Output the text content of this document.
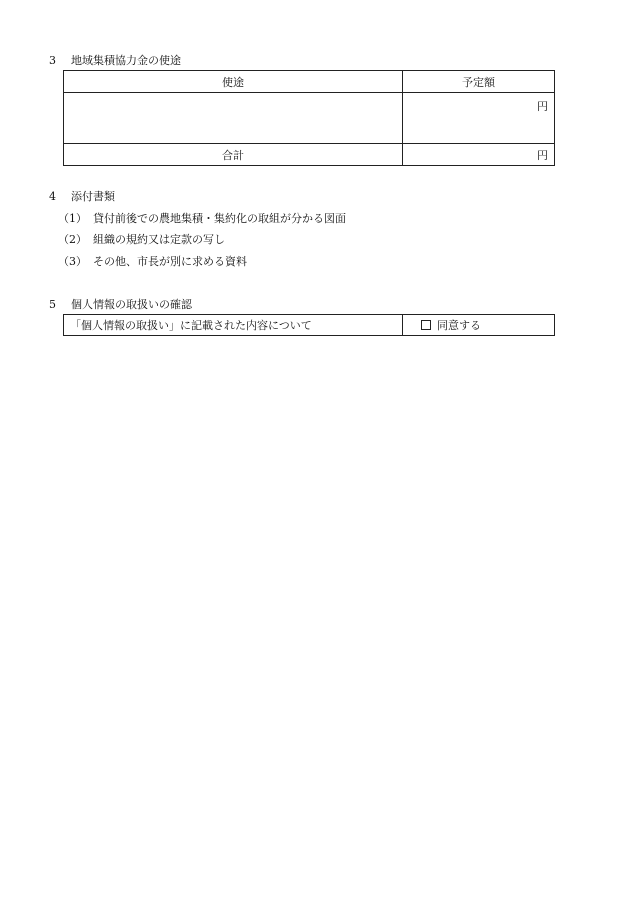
3 地域集積協力金の使途
使途	予定額
	円
合計	円
4 添付書類
（1） 貸付前後での農地集積・集約化の取組が分かる図面
（2） 組織の規約又は定款の写し
（3） その他、市長が別に求める資料
5 個人情報の取扱いの確認
「個人情報の取扱い」に記載された内容について	同意する
